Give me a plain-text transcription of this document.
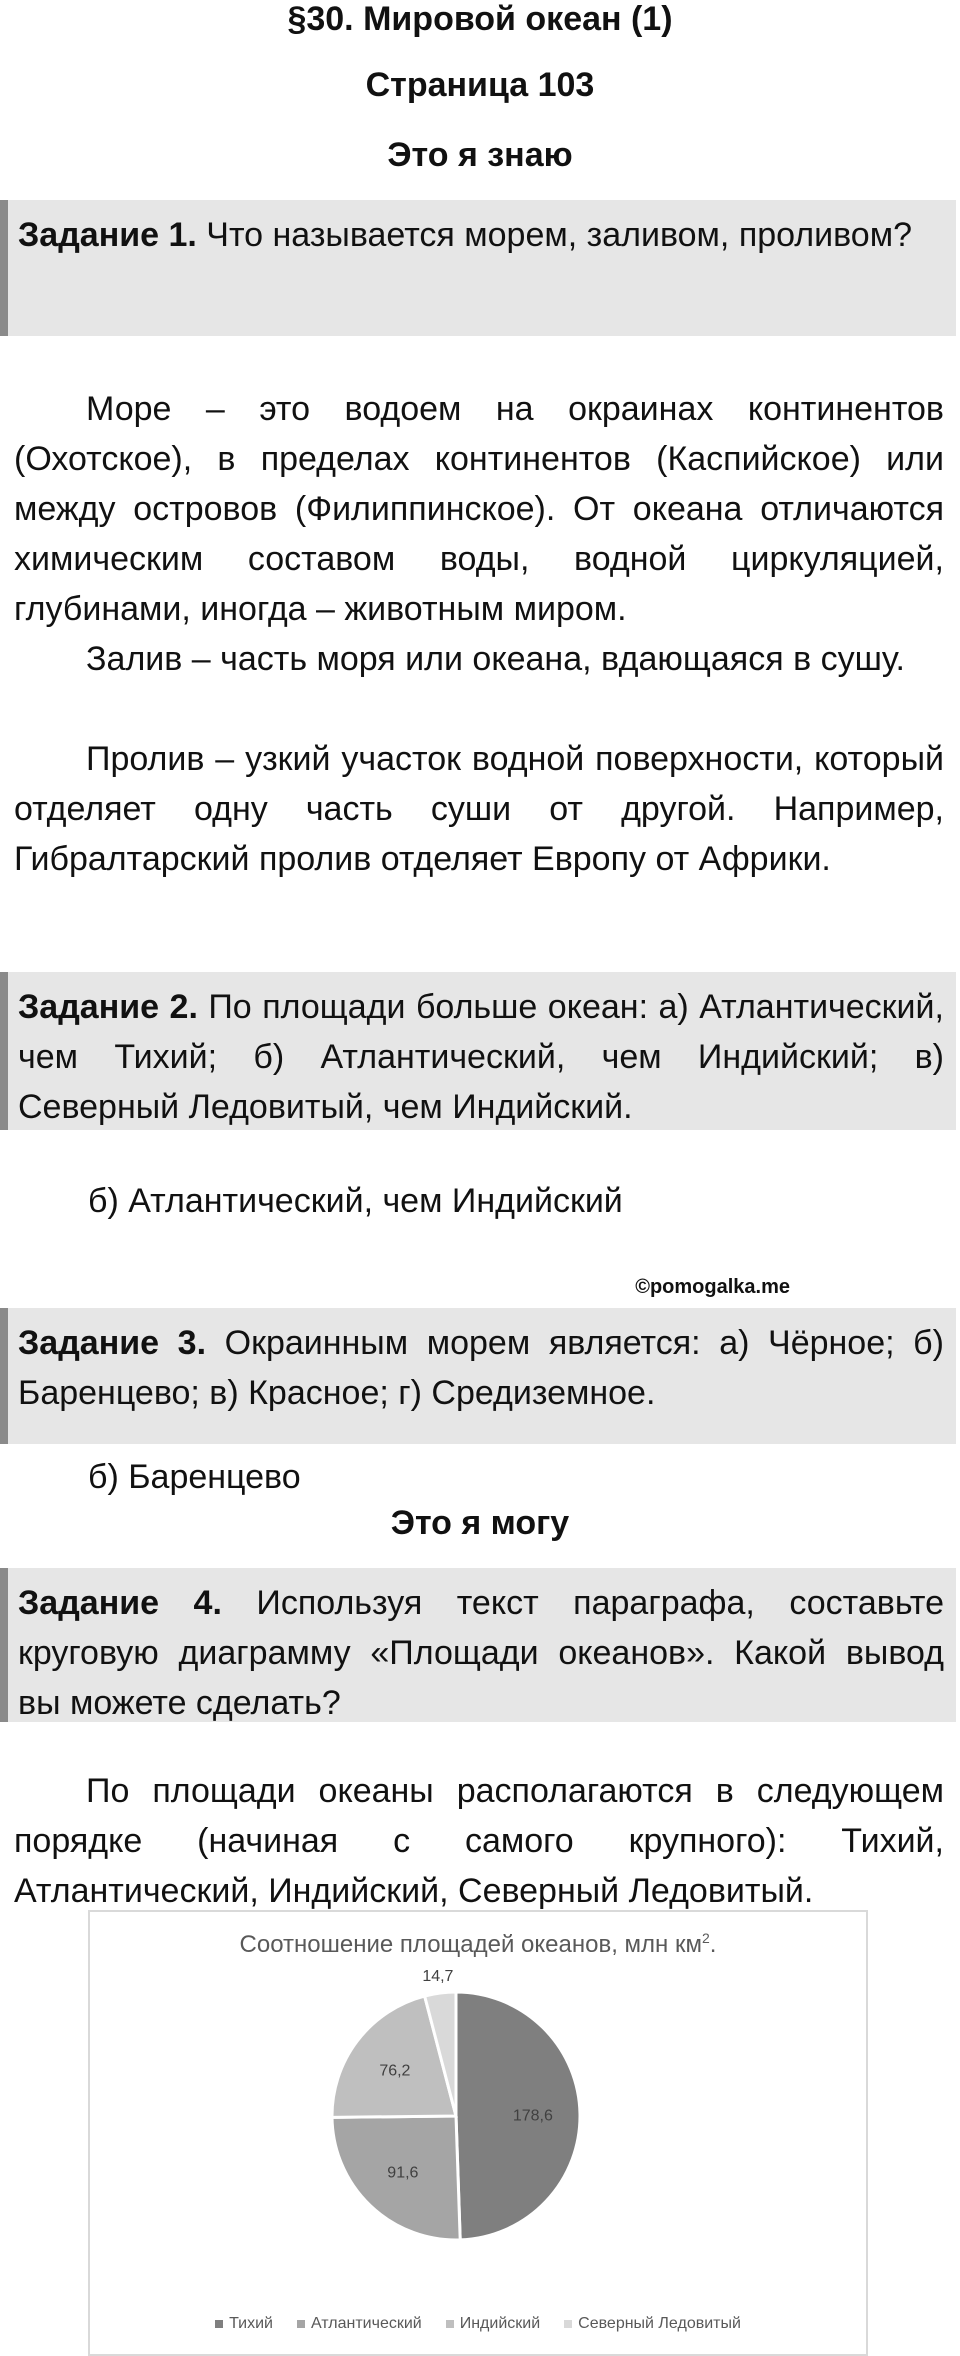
§30. Мировой океан (1)
Страница 103
Это я знаю
Задание 1. Что называется морем, заливом, проливом?
Море – это водоем на окраинах континентов (Охотское), в пределах континентов (Каспийское) или между островов (Филиппинское). От океана отличаются химическим составом воды, водной циркуляцией, глубинами, иногда – животным миром.
Залив – часть моря или океана, вдающаяся в сушу.
Пролив – узкий участок водной поверхности, который отделяет одну часть суши от другой. Например, Гибралтарский пролив отделяет Европу от Африки.
Задание 2. По площади больше океан: а) Атлантический, чем Тихий; б) Атлантический, чем Индийский; в) Северный Ледовитый, чем Индийский.
б) Атлантический, чем Индийский
©pomogalka.me
Задание 3. Окраинным морем является: а) Чёрное; б) Баренцево; в) Красное; г) Средиземное.
б) Баренцево
Это я могу
Задание 4. Используя текст параграфа, составьте круговую диаграмму «Площади океанов». Какой вывод вы можете сделать?
По площади океаны располагаются в следующем порядке (начиная с самого крупного): Тихий, Атлантический, Индийский, Северный Ледовитый.
Соотношение площадей океанов, млн $км^2$.
178,6
91,6
76,2
14,7
Тихий Атлантический Индийский Северный Ледовитый
